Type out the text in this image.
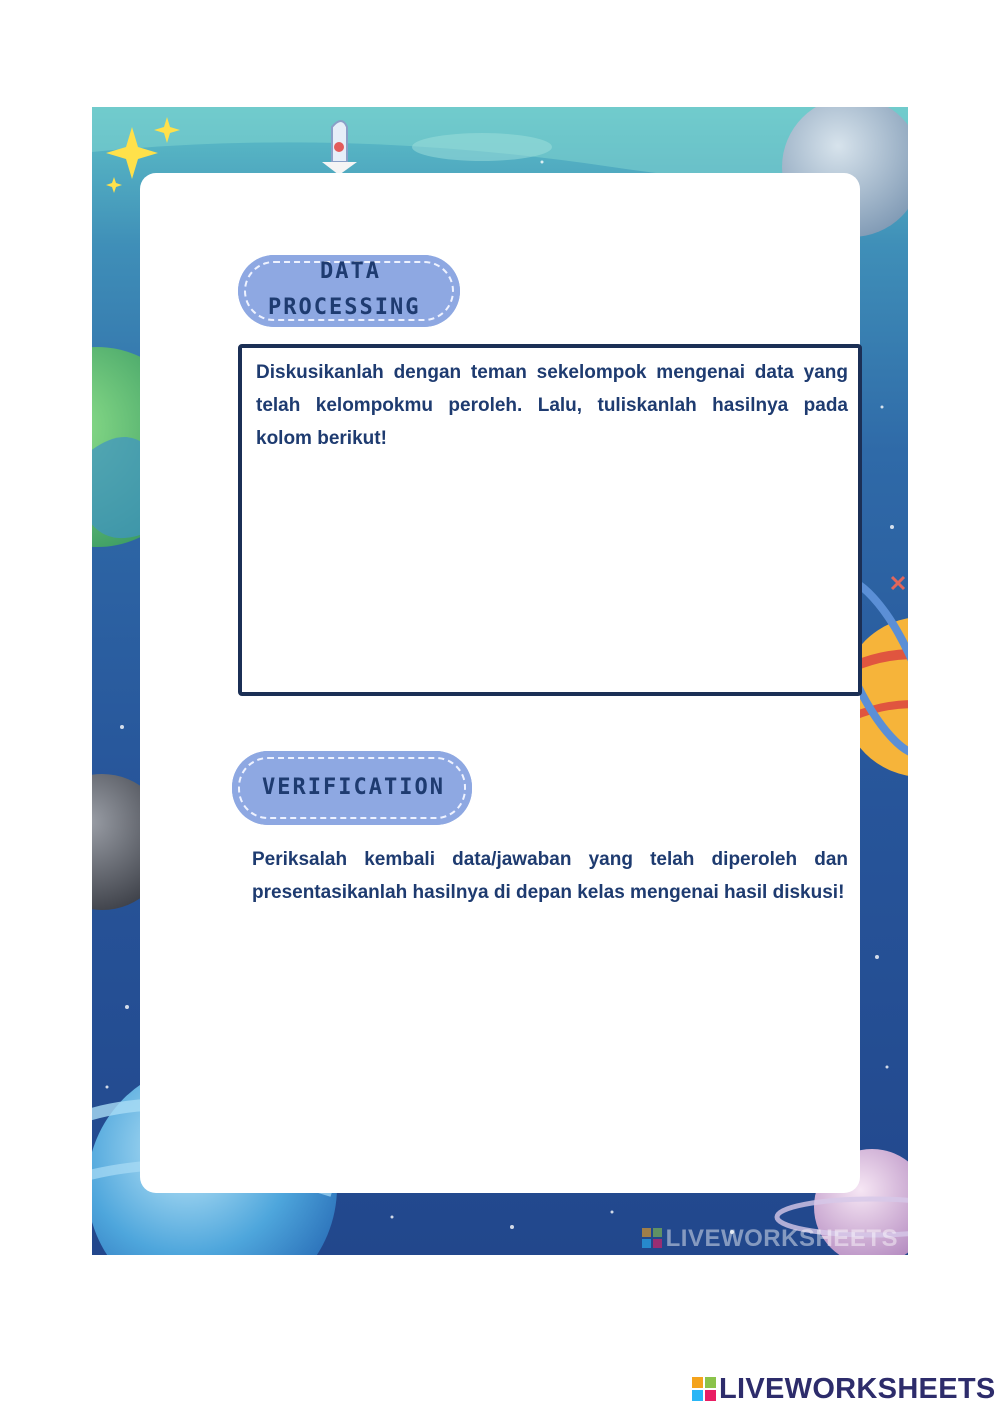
DATA
PROCESSING
Diskusikanlah dengan teman sekelompok mengenai data yang telah kelompokmu peroleh. Lalu, tuliskanlah hasilnya pada kolom berikut!
VERIFICATION
Periksalah kembali data/jawaban yang telah diperoleh dan presentasikanlah hasilnya di depan kelas mengenai hasil diskusi!
LIVEWORKSHEETS
LIVEWORKSHEETS
